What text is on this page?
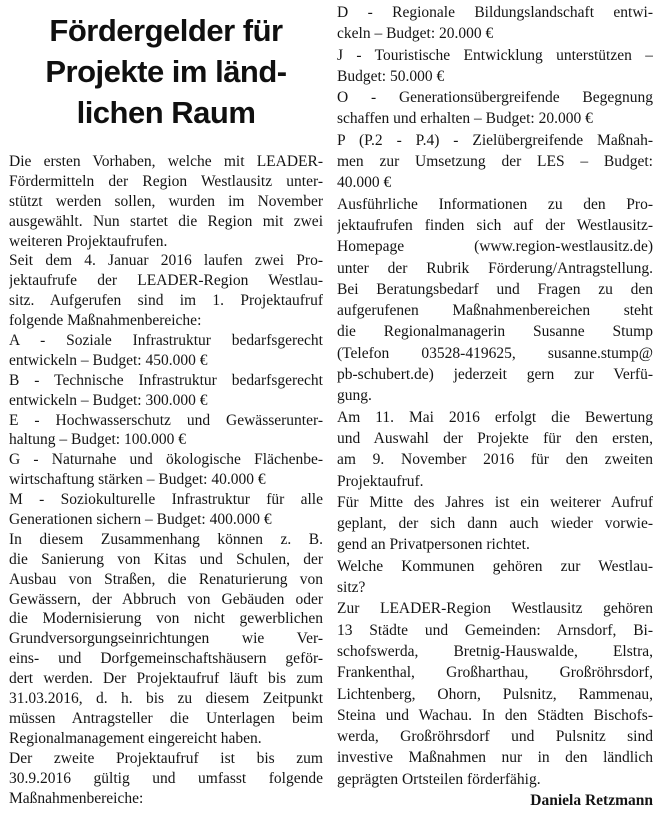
Fördergelder für
Projekte im länd-
lichen Raum
Die ersten Vorhaben, welche mit LEADER-
Fördermitteln der Region Westlausitz unter-
stützt werden sollen, wurden im November
ausgewählt. Nun startet die Region mit zwei
weiteren Projektaufrufen.
Seit dem 4. Januar 2016 laufen zwei Pro-
jektaufrufe der LEADER-Region Westlau-
sitz. Aufgerufen sind im 1. Projektaufruf
folgende Maßnahmenbereiche:
A - Soziale Infrastruktur bedarfsgerecht
entwickeln – Budget: 450.000 €
B - Technische Infrastruktur bedarfsgerecht
entwickeln – Budget: 300.000 €
E - Hochwasserschutz und Gewässerunter-
haltung – Budget: 100.000 €
G - Naturnahe und ökologische Flächenbe-
wirtschaftung stärken – Budget: 40.000 €
M - Soziokulturelle Infrastruktur für alle
Generationen sichern – Budget: 400.000 €
In diesem Zusammenhang können z. B.
die Sanierung von Kitas und Schulen, der
Ausbau von Straßen, die Renaturierung von
Gewässern, der Abbruch von Gebäuden oder
die Modernisierung von nicht gewerblichen
Grundversorgungseinrichtungen wie Ver-
eins- und Dorfgemeinschaftshäusern geför-
dert werden. Der Projektaufruf läuft bis zum
31.03.2016, d. h. bis zu diesem Zeitpunkt
müssen Antragsteller die Unterlagen beim
Regionalmanagement eingereicht haben.
Der zweite Projektaufruf ist bis zum
30.9.2016 gültig und umfasst folgende
Maßnahmenbereiche:
D - Regionale Bildungslandschaft entwi-
ckeln – Budget: 20.000 €
J - Touristische Entwicklung unterstützen –
Budget: 50.000 €
O - Generationsübergreifende Begegnung
schaffen und erhalten – Budget: 20.000 €
P (P.2 - P.4) - Zielübergreifende Maßnah-
men zur Umsetzung der LES – Budget:
40.000 €
Ausführliche Informationen zu den Pro-
jektaufrufen finden sich auf der Westlausitz-
Homepage (www.region-westlausitz.de)
unter der Rubrik Förderung/Antragstellung.
Bei Beratungsbedarf und Fragen zu den
aufgerufenen Maßnahmenbereichen steht
die Regionalmanagerin Susanne Stump
(Telefon 03528-419625, susanne.stump@
pb-schubert.de) jederzeit gern zur Verfü-
gung.
Am 11. Mai 2016 erfolgt die Bewertung
und Auswahl der Projekte für den ersten,
am 9. November 2016 für den zweiten
Projektaufruf.
Für Mitte des Jahres ist ein weiterer Aufruf
geplant, der sich dann auch wieder vorwie-
gend an Privatpersonen richtet.
Welche Kommunen gehören zur Westlau-
sitz?
Zur LEADER-Region Westlausitz gehören
13 Städte und Gemeinden: Arnsdorf, Bi-
schofswerda, Bretnig-Hauswalde, Elstra,
Frankenthal, Großharthau, Großröhrsdorf,
Lichtenberg, Ohorn, Pulsnitz, Rammenau,
Steina und Wachau. In den Städten Bischofs-
werda, Großröhrsdorf und Pulsnitz sind
investive Maßnahmen nur in den ländlich
geprägten Ortsteilen förderfähig.
Daniela Retzmann
